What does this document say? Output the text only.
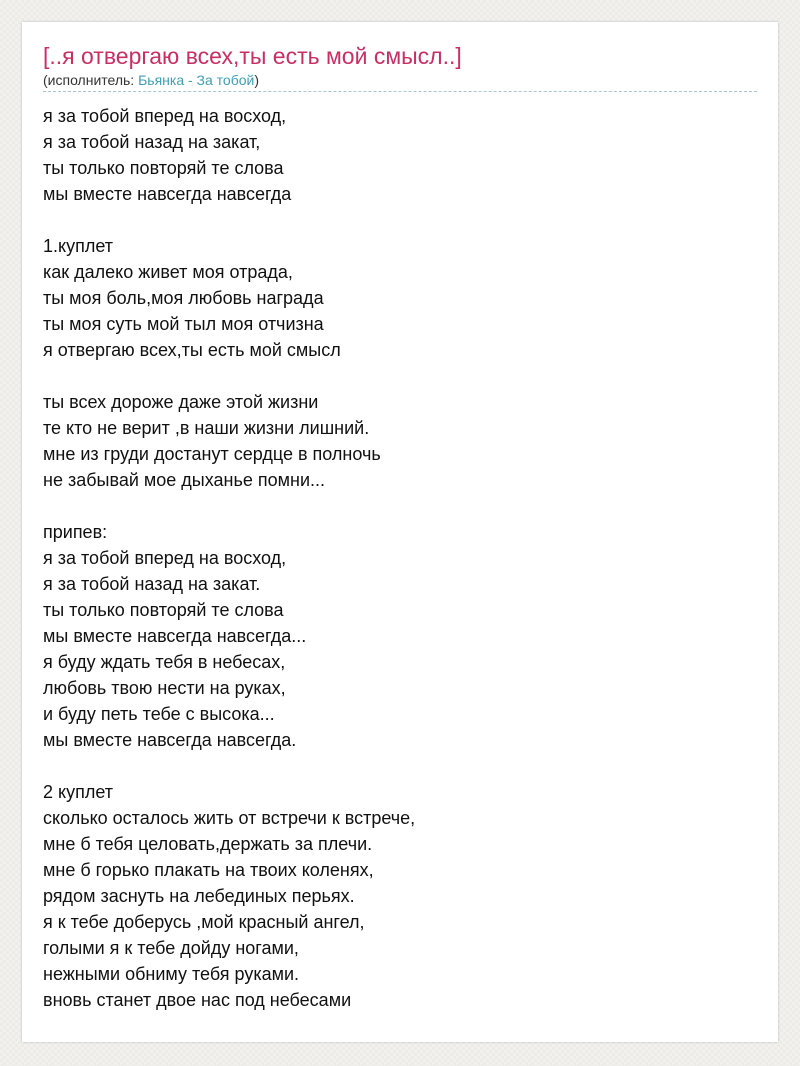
[..я отвергаю всех,ты есть мой смысл..]
(исполнитель: Бьянка - За тобой)
я за тобой вперед на восход,
я за тобой назад на закат,
ты только повторяй те слова
мы вместе навсегда навсегда
1.куплет
как далеко живет моя отрада,
ты моя боль,моя любовь награда
ты моя суть мой тыл моя отчизна
я отвергаю всех,ты есть мой смысл
ты всех дороже даже этой жизни
те кто не верит ,в наши жизни лишний.
мне из груди достанут сердце в полночь
не забывай мое дыханье помни...
припев:
я за тобой вперед на восход,
я за тобой назад на закат.
ты только повторяй те слова
мы вместе навсегда навсегда...
я буду ждать тебя в небесах,
любовь твою нести на руках,
и буду петь тебе с высока...
мы вместе навсегда навсегда.
2 куплет
сколько осталось жить от встречи к встрече,
мне б тебя целовать,держать за плечи.
мне б горько плакать на твоих коленях,
рядом заснуть на лебединых перьях.
я к тебе доберусь ,мой красный ангел,
голыми я к тебе дойду ногами,
нежными обниму тебя руками.
вновь станет двое нас под небесами
